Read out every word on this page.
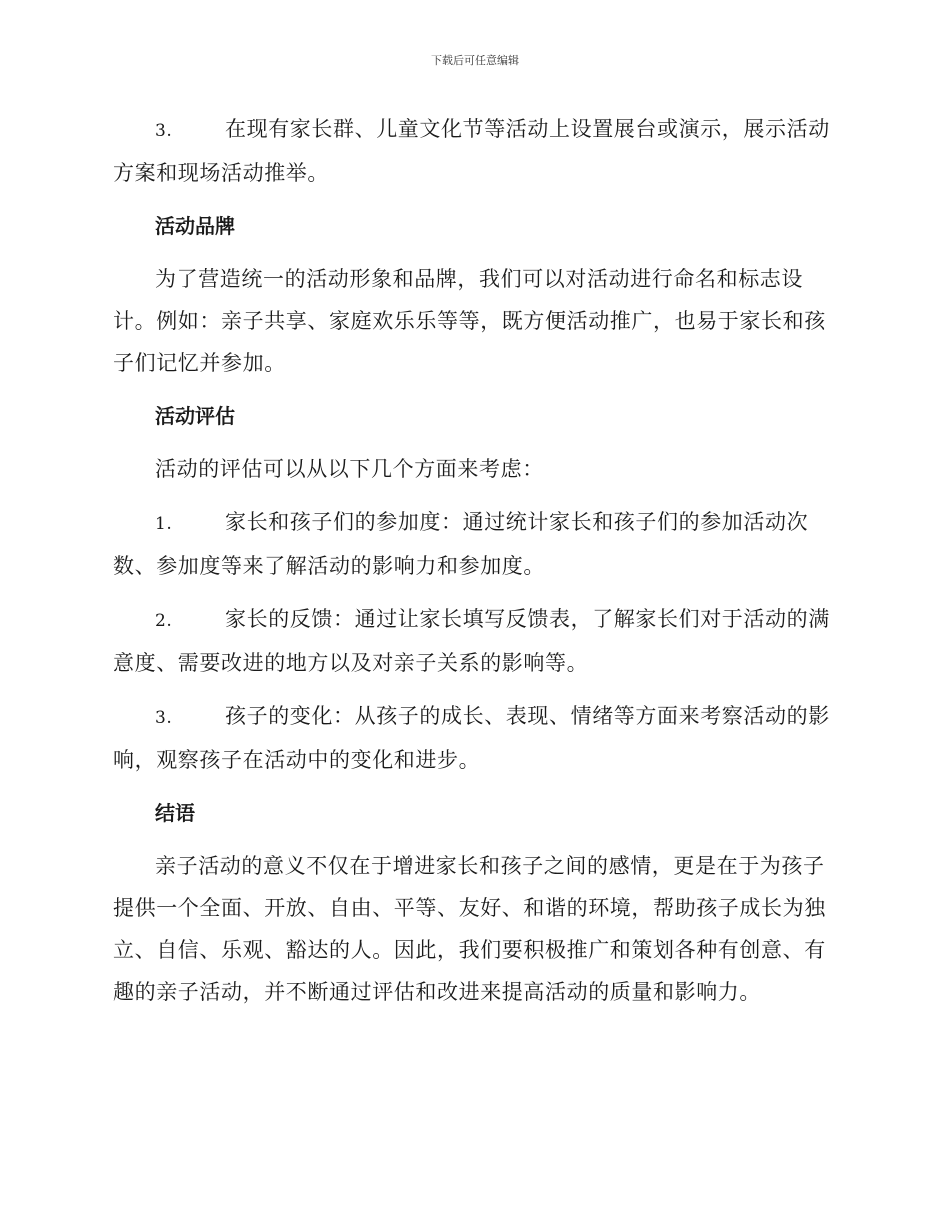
下载后可任意编辑

3.	在现有家长群、儿童文化节等活动上设置展台或演示，展示活动方案和现场活动推举。

活动品牌

为了营造统一的活动形象和品牌，我们可以对活动进行命名和标志设计。例如：亲子共享、家庭欢乐乐等等，既方便活动推广，也易于家长和孩子们记忆并参加。

活动评估

活动的评估可以从以下几个方面来考虑：

1.	家长和孩子们的参加度：通过统计家长和孩子们的参加活动次数、参加度等来了解活动的影响力和参加度。

2.	家长的反馈：通过让家长填写反馈表，了解家长们对于活动的满意度、需要改进的地方以及对亲子关系的影响等。

3.	孩子的变化：从孩子的成长、表现、情绪等方面来考察活动的影响，观察孩子在活动中的变化和进步。

结语

亲子活动的意义不仅在于增进家长和孩子之间的感情，更是在于为孩子提供一个全面、开放、自由、平等、友好、和谐的环境，帮助孩子成长为独立、自信、乐观、豁达的人。因此，我们要积极推广和策划各种有创意、有趣的亲子活动，并不断通过评估和改进来提高活动的质量和影响力。
